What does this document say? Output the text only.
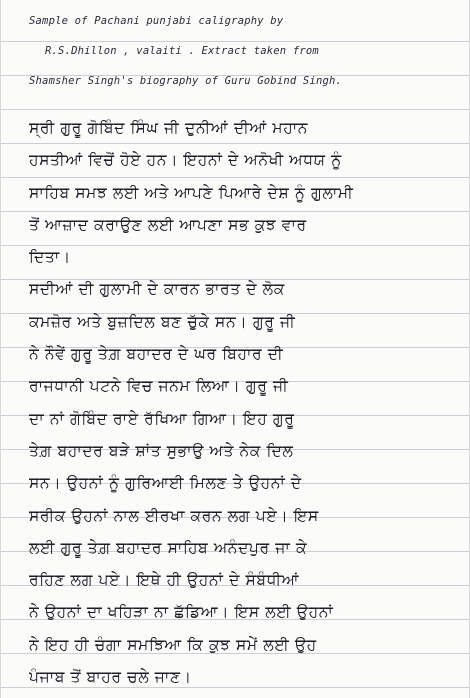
Sample of Pachani punjabi caligraphy by
R.S.Dhillon , valaiti . Extract taken from
Shamsher Singh's biography of Guru Gobind Singh.
ਸ੍ਰੀ ਗੁਰੂ ਗੋਬਿੰਦ ਸਿੰਘ ਜੀ ਦੁਨੀਆਂ ਦੀਆਂ ਮਹਾਨ
ਹਸਤੀਆਂ ਵਿਚੋਂ ਹੋਏ ਹਨ। ਇਹਨਾਂ ਦੇ ਅਨੋਖੀ ਅਧਯ ਨੂੰ
ਸਾਹਿਬ ਸਮਝ ਲਈ ਅਤੇ ਆਪਣੇ ਪਿਆਰੇ ਦੇਸ਼ ਨੂੰ ਗੁਲਾਮੀ
ਤੋਂ ਆਜ਼ਾਦ ਕਰਾਉਣ ਲਈ ਆਪਣਾ ਸਭ ਕੁਝ ਵਾਰ
ਦਿਤਾ।
ਸਦੀਆਂ ਦੀ ਗੁਲਾਮੀ ਦੇ ਕਾਰਨ ਭਾਰਤ ਦੇ ਲੋਕ
ਕਮਜ਼ੋਰ ਅਤੇ ਬੁਜ਼ਦਿਲ ਬਣ ਚੁੱਕੇ ਸਨ। ਗੁਰੂ ਜੀ
ਨੇ ਨੌਵੇਂ ਗੁਰੂ ਤੇਗ਼ ਬਹਾਦਰ ਦੇ ਘਰ ਬਿਹਾਰ ਦੀ
ਰਾਜਧਾਨੀ ਪਟਨੇ ਵਿਚ ਜਨਮ ਲਿਆ। ਗੁਰੂ ਜੀ
ਦਾ ਨਾਂ ਗੋਬਿੰਦ ਰਾਏ ਰੱਖਿਆ ਗਿਆ। ਇਹ ਗੁਰੂ
ਤੇਗ਼ ਬਹਾਦਰ ਬੜੇ ਸ਼ਾਂਤ ਸੁਭਾਉ ਅਤੇ ਨੇਕ ਦਿਲ
ਸਨ। ਉਹਨਾਂ ਨੂੰ ਗੁਰਿਆਈ ਮਿਲਣ ਤੇ ਉਹਨਾਂ ਦੇ
ਸਰੀਕ ਉਹਨਾਂ ਨਾਲ ਈਰਖਾ ਕਰਨ ਲਗ ਪਏ। ਇਸ
ਲਈ ਗੁਰੂ ਤੇਗ਼ ਬਹਾਦਰ ਸਾਹਿਬ ਅਨੰਦਪੁਰ ਜਾ ਕੇ
ਰਹਿਣ ਲਗ ਪਏ। ਇਥੇ ਹੀ ਉਹਨਾਂ ਦੇ ਸੰਬੰਧੀਆਂ
ਨੇ ਉਹਨਾਂ ਦਾ ਖਹਿੜਾ ਨਾ ਛੱਡਿਆ। ਇਸ ਲਈ ਉਹਨਾਂ
ਨੇ ਇਹ ਹੀ ਚੰਗਾ ਸਮਝਿਆ ਕਿ ਕੁਝ ਸਮੇਂ ਲਈ ਉਹ
ਪੰਜਾਬ ਤੋਂ ਬਾਹਰ ਚਲੇ ਜਾਣ।
